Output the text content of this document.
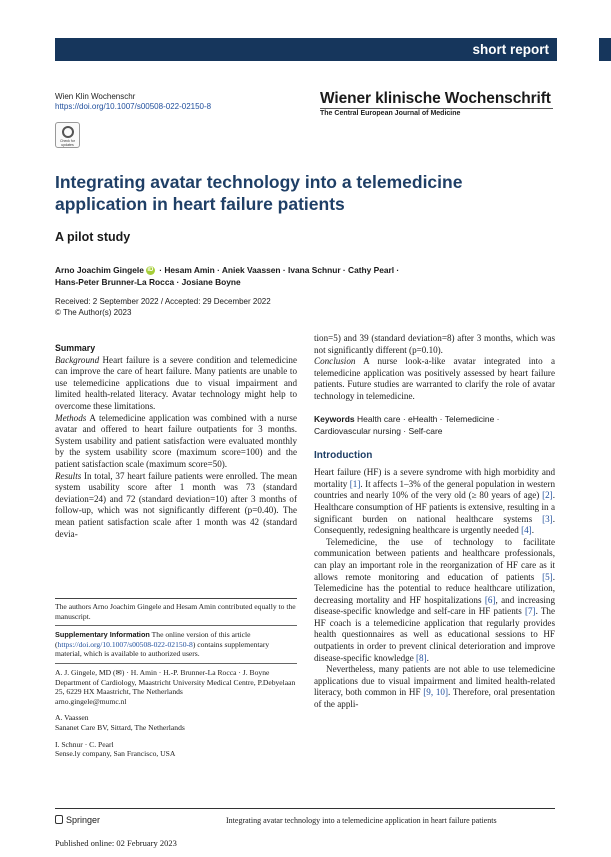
short report
Wien Klin Wochenschr
https://doi.org/10.1007/s00508-022-02150-8	Wiener klinische Wochenschrift
The Central European Journal of Medicine
Check for updates
Integrating avatar technology into a telemedicine application in heart failure patients
A pilot study
Arno Joachim Gingele iD · Hesam Amin · Aniek Vaassen · Ivana Schnur · Cathy Pearl ·
Hans-Peter Brunner-La Rocca · Josiane Boyne
Received: 2 September 2022 / Accepted: 29 December 2022
© The Author(s) 2023
Summary
Background Heart failure is a severe condition and telemedicine can improve the care of heart failure. Many patients are unable to use telemedicine applications due to visual impairment and limited health-related literacy. Avatar technology might help to overcome these limitations.
Methods A telemedicine application was combined with a nurse avatar and offered to heart failure outpatients for 3 months. System usability and patient satisfaction were evaluated monthly by the system usability score (maximum score=100) and the patient satisfaction scale (maximum score=50).
Results In total, 37 heart failure patients were enrolled. The mean system usability score after 1 month was 73 (standard deviation=24) and 72 (standard deviation=10) after 3 months of follow-up, which was not significantly different (p=0.40). The mean patient satisfaction scale after 1 month was 42 (standard devia-
The authors Arno Joachim Gingele and Hesam Amin contributed equally to the manuscript.
Supplementary Information The online version of this article (https://doi.org/10.1007/s00508-022-02150-8) contains supplementary material, which is available to authorized users.
A. J. Gingele, MD (✉) · H. Amin · H.-P. Brunner-La Rocca · J. Boyne
Department of Cardiology, Maastricht University Medical Centre, P.Debyelaan 25, 6229 HX Maastricht, The Netherlands
arno.gingele@mumc.nl
A. Vaassen
Sananet Care BV, Sittard, The Netherlands
I. Schnur · C. Pearl
Sense.ly company, San Francisco, USA
tion=5) and 39 (standard deviation=8) after 3 months, which was not significantly different (p=0.10).
Conclusion A nurse look-a-like avatar integrated into a telemedicine application was positively assessed by heart failure patients. Future studies are warranted to clarify the role of avatar technology in telemedicine.
Keywords Health care · eHealth · Telemedicine · Cardiovascular nursing · Self-care
Introduction
Heart failure (HF) is a severe syndrome with high morbidity and mortality [1]. It affects 1–3% of the general population in western countries and nearly 10% of the very old (≥ 80 years of age) [2]. Healthcare consumption of HF patients is extensive, resulting in a significant burden on national healthcare systems [3]. Consequently, redesigning healthcare is urgently needed [4].
Telemedicine, the use of technology to facilitate communication between patients and healthcare professionals, can play an important role in the reorganization of HF care as it allows remote monitoring and education of patients [5]. Telemedicine has the potential to reduce healthcare utilization, decreasing mortality and HF hospitalizations [6], and increasing disease-specific knowledge and self-care in HF patients [7]. The HF coach is a telemedicine application that regularly provides health questionnaires as well as educational sessions to HF outpatients in order to prevent clinical deterioration and improve disease-specific knowledge [8].
Nevertheless, many patients are not able to use telemedicine applications due to visual impairment and limited health-related literacy, both common in HF [9, 10]. Therefore, oral presentation of the appli-
Springer	Integrating avatar technology into a telemedicine application in heart failure patients
Published online: 02 February 2023
